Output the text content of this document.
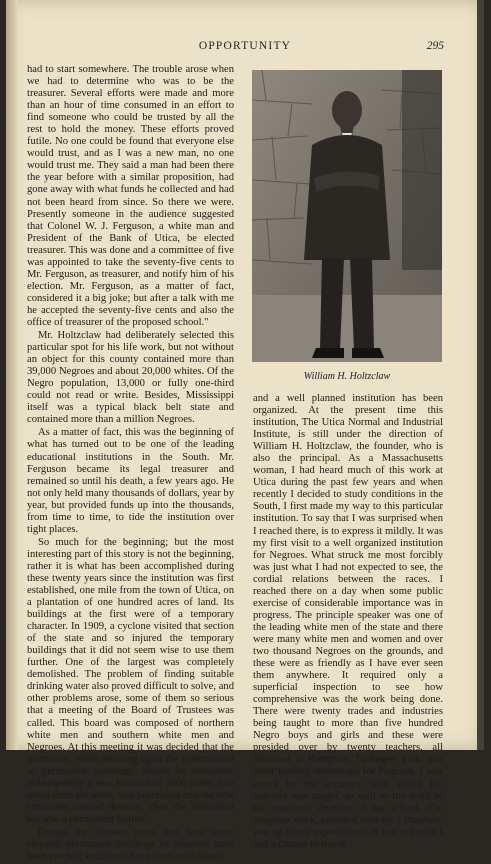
OPPORTUNITY	295

had to start somewhere. The trouble arose when we had to determine who was to be the treasurer. Several efforts were made and more than an hour of time consumed in an effort to find someone who could be trusted by all the rest to hold the money. These efforts proved futile. No one could be found that everyone else would trust, and as I was a new man, no one would trust me. They said a man had been there the year before with a similar proposition, had gone away with what funds he collected and had not been heard from since. So there we were. Presently someone in the audience suggested that Colonel W. J. Ferguson, a white man and President of the Bank of Utica, be elected treasurer. This was done and a committee of five was appointed to take the seventy-five cents to Mr. Ferguson, as treasurer, and notify him of his election. Mr. Ferguson, as a matter of fact, considered it a big joke; but after a talk with me he accepted the seventy-five cents and also the office of treasurer of the proposed school."

Mr. Holtzclaw had deliberately selected this particular spot for his life work, but not without an object for this county contained more than 39,000 Negroes and about 20,000 whites. Of the Negro population, 13,000 or fully one-third could not read or write. Besides, Mississippi itself was a typical black belt state and contained more than a million Negroes.

As a matter of fact, this was the beginning of what has turned out to be one of the leading educational institutions in the South. Mr. Ferguson became its legal treasurer and remained so until his death, a few years ago. He not only held many thousands of dollars, year by year, but provided funds up into the thousands, from time to time, to tide the institution over tight places.

So much for the beginning; but the most interesting part of this story is not the beginning, rather it is what has been accomplished during these twenty years since the institution was first established, one mile from the town of Utica, on a plantation of one hundred acres of land. Its buildings at the first were of a temporary character. In 1909, a cyclone visited that section of the state and so injured the temporary buildings that it did not seem wise to use them further. One of the largest was completely demolished. The problem of finding suitable drinking water also proved difficult to solve, and other problems arose, some of them so serious that a meeting of the Board of Trustees was called. This board was composed of northern white men and southern white men and Negroes. At this meeting it was decided that the institution, while entering upon the construction of permanent buildings, should be relocated. Subsequently a new location of 1600 acres, five miles from the town, was purchased and the new structures erected thereon. Thus the institution became a permanent fixture.

During the thirteen years that have since elapsed, permanent buildings of concrete have been erected; industries have been established;

William H. Holtzclaw

and a well planned institution has been organized. At the present time this institution, The Utica Normal and Industrial Institute, is still under the direction of William H. Holtzclaw, the founder, who is also the principal. As a Massachusetts woman, I had heard much of this work at Utica during the past few years and when recently I decided to study conditions in the South, I first made my way to this particular institution. To say that I was surprised when I reached there, is to express it mildly. It was my first visit to a well organized institution for Negroes. What struck me most forcibly was just what I had not expected to see, the cordial relations between the races. I reached there on a day when some public exercise of considerable importance was in progress. The principle speaker was one of the leading white men of the state and there were many white men and women and over two thousand Negroes on the grounds, and these were as friendly as I have ever seen them anywhere. It required only a superficial inspection to see how comprehensive was the work being done. There were twenty trades and industries being taught to more than five hundred Negro boys and girls and these were presided over by twenty teachers, all educated at Hampton, Tuskegee, Fisk, and other leading institutions for Negroes. I was struck by the accuracy with which the industry was taught, as well as the work in the academic division of the school. The religious work, presided over by a chaplain, was up to my expectations. It was not until I had a chance to travel
